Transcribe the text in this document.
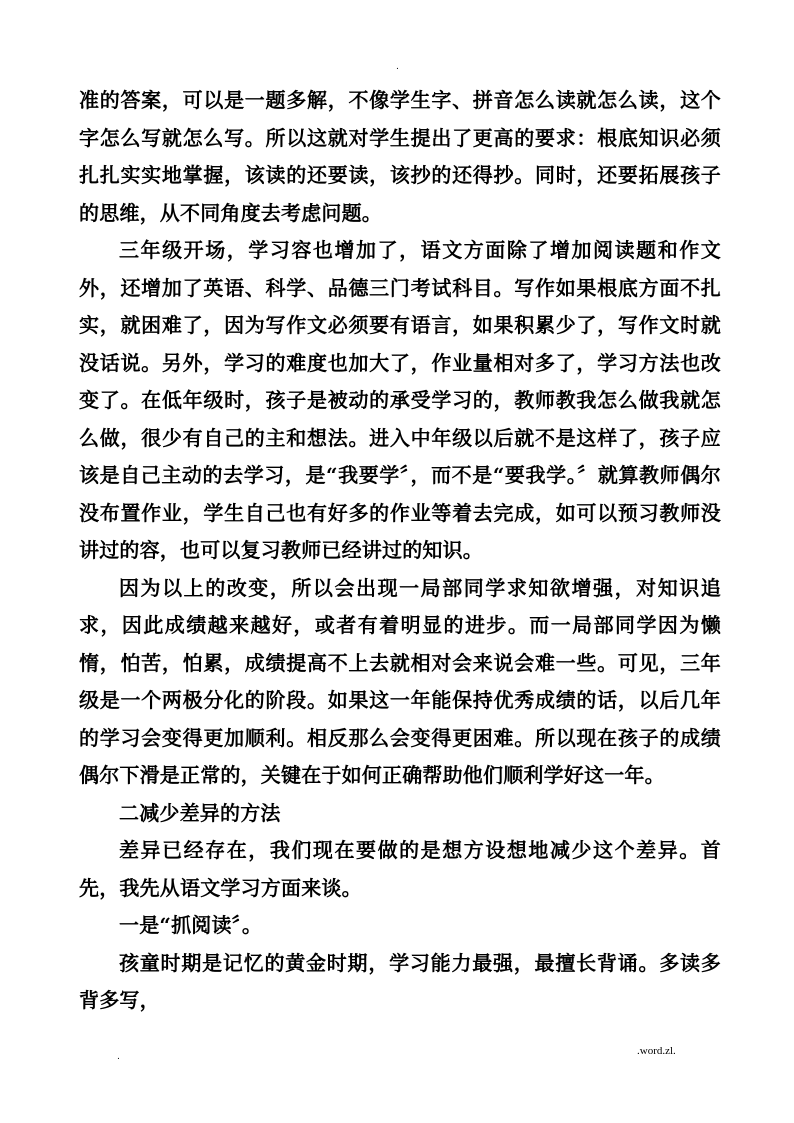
.

准的答案，可以是一题多解，不像学生字、拼音怎么读就怎么读，这个字怎么写就怎么写。所以这就对学生提出了更高的要求：根底知识必须扎扎实实地掌握，该读的还要读，该抄的还得抄。同时，还要拓展孩子的思维，从不同角度去考虑问题。

三年级开场，学习容也增加了，语文方面除了增加阅读题和作文外，还增加了英语、科学、品德三门考试科目。写作如果根底方面不扎实，就困难了，因为写作文必须要有语言，如果积累少了，写作文时就没话说。另外，学习的难度也加大了，作业量相对多了，学习方法也改变了。在低年级时，孩子是被动的承受学习的，教师教我怎么做我就怎么做，很少有自己的主和想法。进入中年级以后就不是这样了，孩子应该是自己主动的去学习，是“我要学〞，而不是“要我学。〞就算教师偶尔没布置作业，学生自己也有好多的作业等着去完成，如可以预习教师没讲过的容，也可以复习教师已经讲过的知识。

因为以上的改变，所以会出现一局部同学求知欲增强，对知识追求，因此成绩越来越好，或者有着明显的进步。而一局部同学因为懒惰，怕苦，怕累，成绩提高不上去就相对会来说会难一些。可见，三年级是一个两极分化的阶段。如果这一年能保持优秀成绩的话，以后几年的学习会变得更加顺利。相反那么会变得更困难。所以现在孩子的成绩偶尔下滑是正常的，关键在于如何正确帮助他们顺利学好这一年。

二减少差异的方法

差异已经存在，我们现在要做的是想方设想地减少这个差异。首先，我先从语文学习方面来谈。

一是“抓阅读〞。

孩童时期是记忆的黄金时期，学习能力最强，最擅长背诵。多读多背多写，

.	.word.zl.
